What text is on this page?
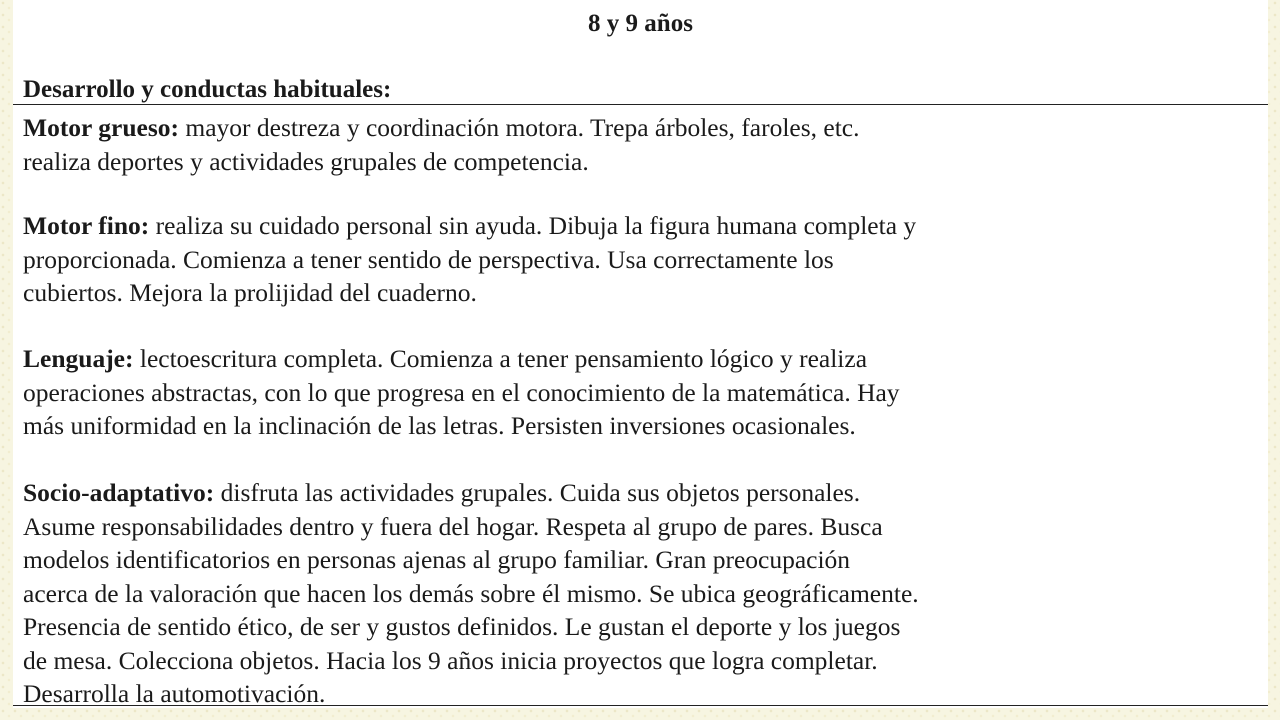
8 y 9 años
Desarrollo y conductas habituales:
Motor grueso: mayor destreza y coordinación motora. Trepa árboles, faroles, etc.
realiza deportes y actividades grupales de competencia.
Motor fino: realiza su cuidado personal sin ayuda. Dibuja la figura humana completa y
proporcionada. Comienza a tener sentido de perspectiva. Usa correctamente los
cubiertos. Mejora la prolijidad del cuaderno.
Lenguaje: lectoescritura completa. Comienza a tener pensamiento lógico y realiza
operaciones abstractas, con lo que progresa en el conocimiento de la matemática. Hay
más uniformidad en la inclinación de las letras. Persisten inversiones ocasionales.
Socio-adaptativo: disfruta las actividades grupales. Cuida sus objetos personales.
Asume responsabilidades dentro y fuera del hogar. Respeta al grupo de pares. Busca
modelos identificatorios en personas ajenas al grupo familiar. Gran preocupación
acerca de la valoración que hacen los demás sobre él mismo. Se ubica geográficamente.
Presencia de sentido ético, de ser y gustos definidos. Le gustan el deporte y los juegos
de mesa. Colecciona objetos. Hacia los 9 años inicia proyectos que logra completar.
Desarrolla la automotivación.
